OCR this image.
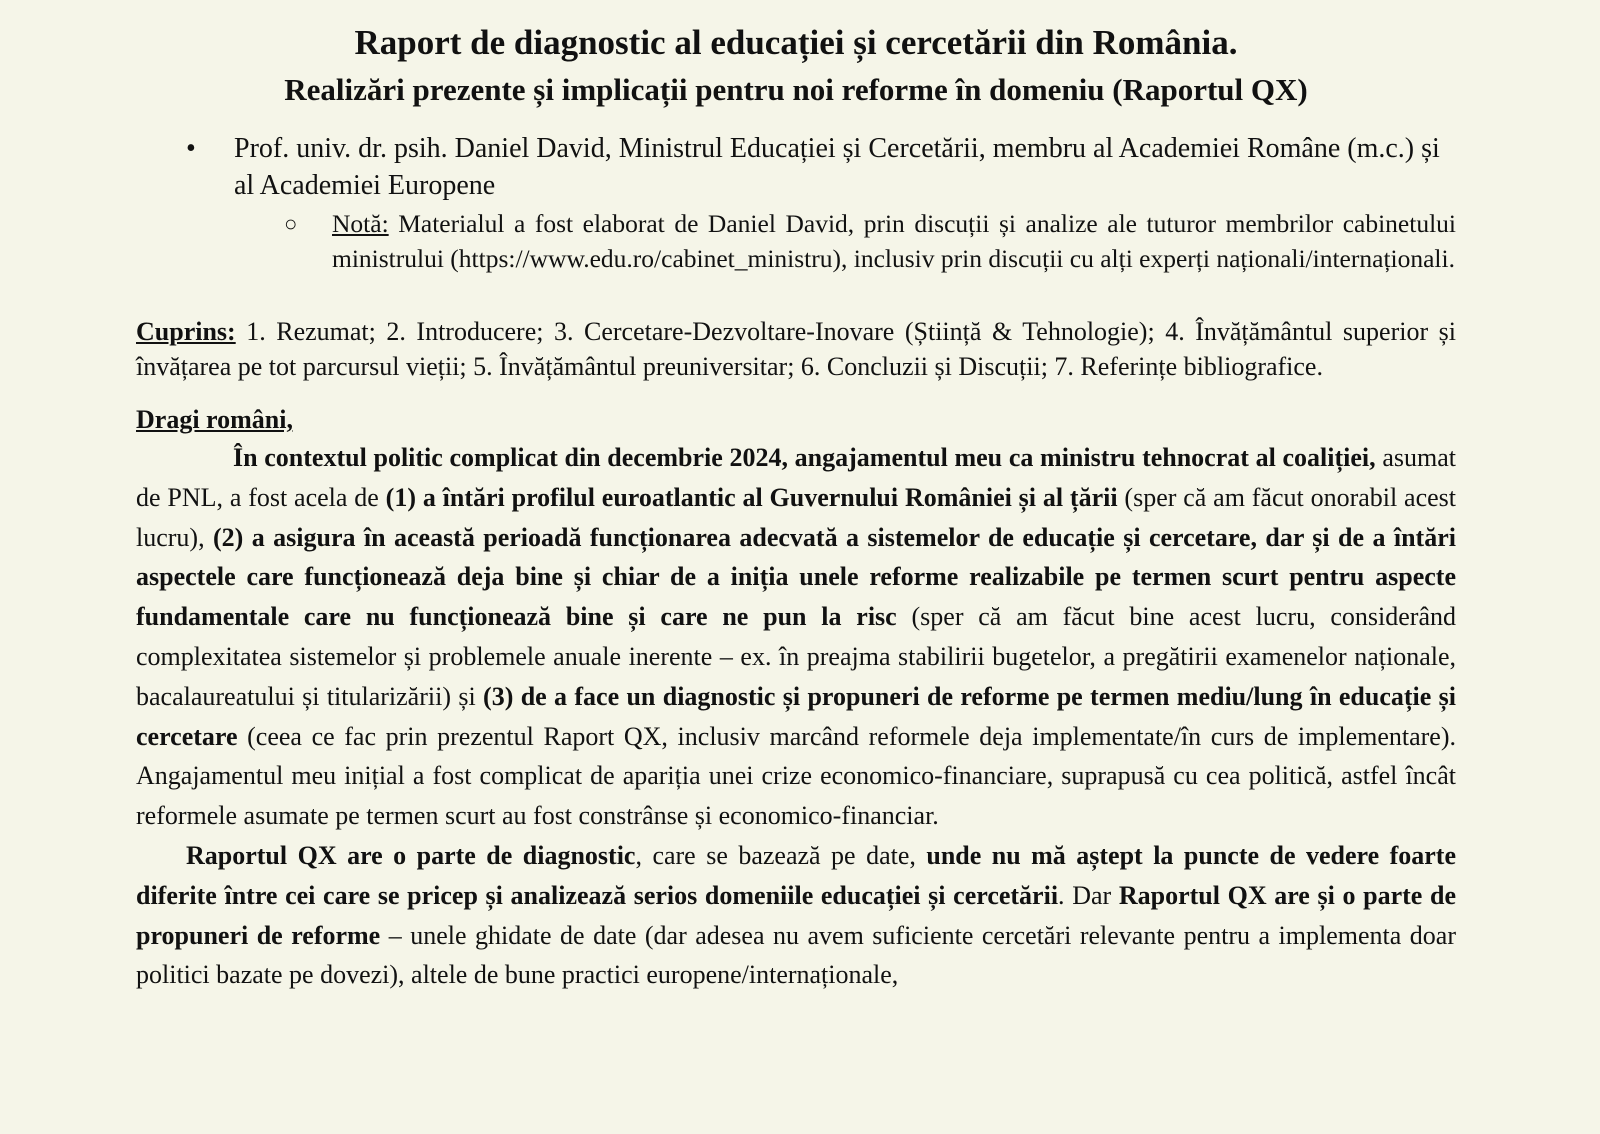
Raport de diagnostic al educației și cercetării din România.
Realizări prezente și implicații pentru noi reforme în domeniu (Raportul QX)
• Prof. univ. dr. psih. Daniel David, Ministrul Educației și Cercetării, membru al Academiei Române (m.c.) și al Academiei Europene
○ Notă: Materialul a fost elaborat de Daniel David, prin discuții și analize ale tuturor membrilor cabinetului ministrului (https://www.edu.ro/cabinet_ministru), inclusiv prin discuții cu alți experți naționali/internaționali.
Cuprins: 1. Rezumat; 2. Introducere; 3. Cercetare-Dezvoltare-Inovare (Știință & Tehnologie); 4. Învățământul superior și învățarea pe tot parcursul vieții; 5. Învățământul preuniversitar; 6. Concluzii și Discuții; 7. Referințe bibliografice.
Dragi români,

În contextul politic complicat din decembrie 2024, angajamentul meu ca ministru tehnocrat al coaliției, asumat de PNL, a fost acela de (1) a întări profilul euroatlantic al Guvernului României și al țării (sper că am făcut onorabil acest lucru), (2) a asigura în această perioadă funcționarea adecvată a sistemelor de educație și cercetare, dar și de a întări aspectele care funcționează deja bine și chiar de a iniția unele reforme realizabile pe termen scurt pentru aspecte fundamentale care nu funcționează bine și care ne pun la risc (sper că am făcut bine acest lucru, considerând complexitatea sistemelor și problemele anuale inerente – ex. în preajma stabilirii bugetelor, a pregătirii examenelor naționale, bacalaureatului și titularizării) și (3) de a face un diagnostic și propuneri de reforme pe termen mediu/lung în educație și cercetare (ceea ce fac prin prezentul Raport QX, inclusiv marcând reformele deja implementate/în curs de implementare). Angajamentul meu inițial a fost complicat de apariția unei crize economico-financiare, suprapusă cu cea politică, astfel încât reformele asumate pe termen scurt au fost constrânse și economico-financiar.

Raportul QX are o parte de diagnostic, care se bazează pe date, unde nu mă aștept la puncte de vedere foarte diferite între cei care se pricep și analizează serios domeniile educației și cercetării. Dar Raportul QX are și o parte de propuneri de reforme – unele ghidate de date (dar adesea nu avem suficiente cercetări relevante pentru a implementa doar politici bazate pe dovezi), altele de bune practici europene/internaționale,
